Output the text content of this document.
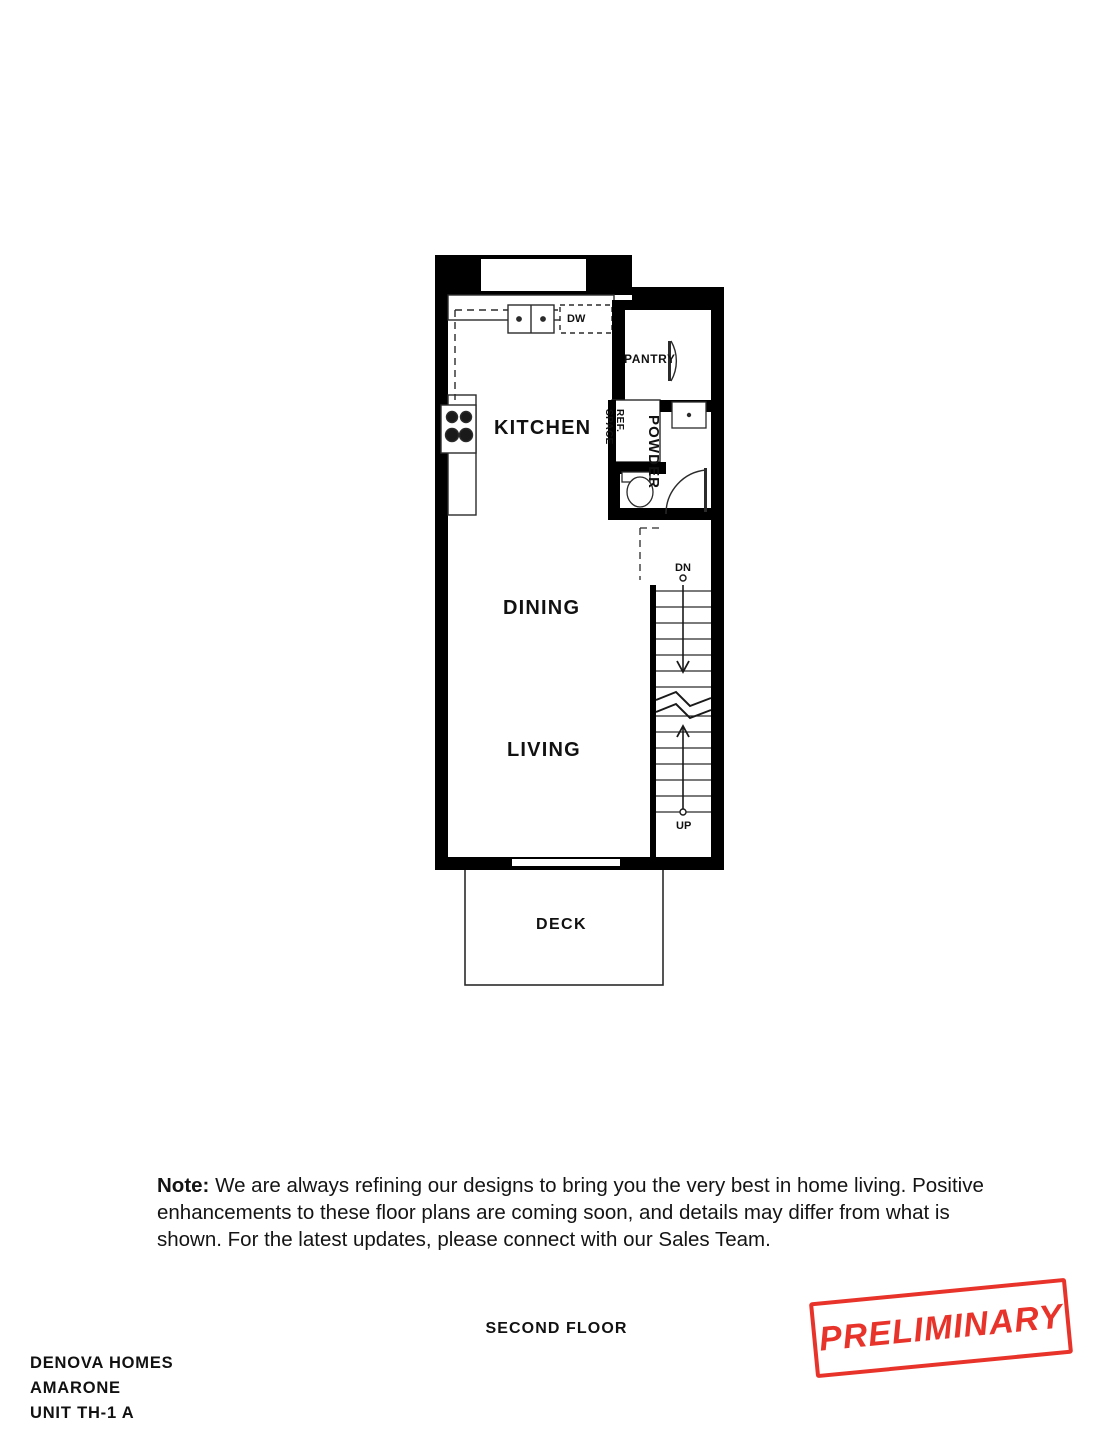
KITCHEN
DINING
LIVING
DECK
PANTRY
POWDER
DW
REF.
SPACE
DN
UP
Note: We are always refining our designs to bring you the very best in home living. Positive enhancements to these floor plans are coming soon, and details may differ from what is shown. For the latest updates, please connect with our Sales Team.
SECOND FLOOR
DENOVA HOMES
AMARONE
UNIT TH-1 A
PRELIMINARY
